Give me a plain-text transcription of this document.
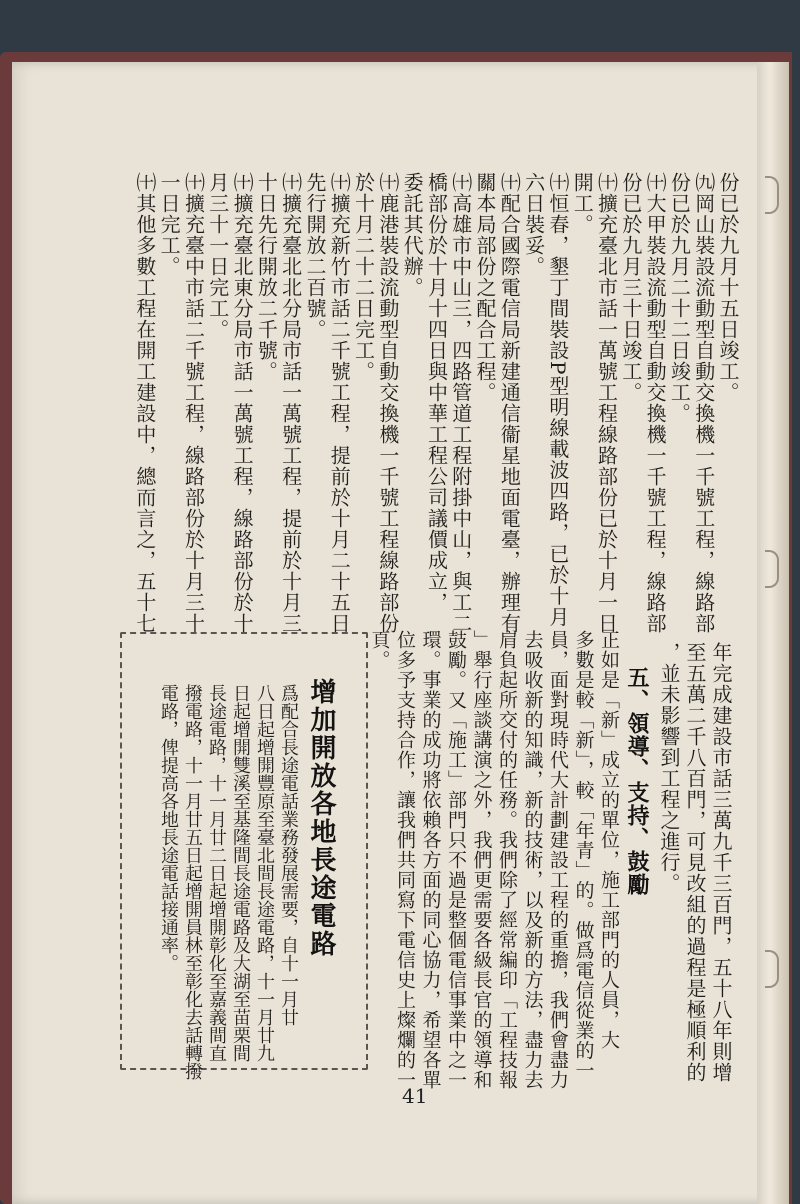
份已於九月十五日竣工。
㈨岡山裝設流動型自動交換機一千號工程，線路部
份已於九月二十二日竣工。
㈩大甲裝設流動型自動交換機一千號工程，線路部
份已於九月三十日竣工。
㈩擴充臺北市話一萬號工程線路部份已於十月一日
開工。
㈩恒春，墾丁間裝設P型明線載波四路，已於十月
六日裝妥。
㈩配合國際電信局新建通信衞星地面電臺，辦理有
關本局部份之配合工程。
㈩高雄市中山三，四路管道工程附掛中山，與工二
橋部份於十月十四日與中華工程公司議價成立，
委託其代辦。
㈩鹿港裝設流動型自動交換機一千號工程線路部份
於十月二十二日完工。
㈩擴充新竹市話二千號工程，提前於十月二十五日
先行開放二百號。
㈩擴充臺北北分局市話一萬號工程，提前於十月三
十日先行開放二千號。
㈩擴充臺北東分局市話一萬號工程，線路部份於十
月三十一日完工。
㈩擴充臺中市話二千號工程，線路部份於十月三十
一日完工。
㈩其他多數工程在開工建設中，總而言之，五十七
年完成建設市話三萬九千三百門，五十八年則增
至五萬二千八百門，可見改組的過程是極順利的
，並未影響到工程之進行。
五、領導、支持、鼓勵
正如是「新」成立的單位，施工部門的人員，大
多數是較「新」，較「年青」的。做爲電信從業的一
員，面對現時代大計劃建設工程的重擔，我們會盡力
去吸收新的知識，新的技術，以及新的方法，盡力去
肩負起所交付的任務。我們除了經常編印「工程技報
」舉行座談講演之外，我們更需要各級長官的領導和
鼓勵。又「施工」部門只不過是整個電信事業中之一
環。事業的成功將依賴各方面的同心協力，希望各單
位多予支持合作，讓我們共同寫下電信史上燦爛的一
頁。
增加開放各地長途電路
爲配合長途電話業務發展需要，自十一月廿
八日起增開豐原至臺北間長途電路，十一月廿九
日起增開雙溪至基隆間長途電路及大湖至苗栗間
長途電路，十一月廿二日起增開彰化至嘉義間直
撥電路，十一月廿五日起增開員林至彰化去話轉撥
電路，俾提高各地長途電話接通率。
41
